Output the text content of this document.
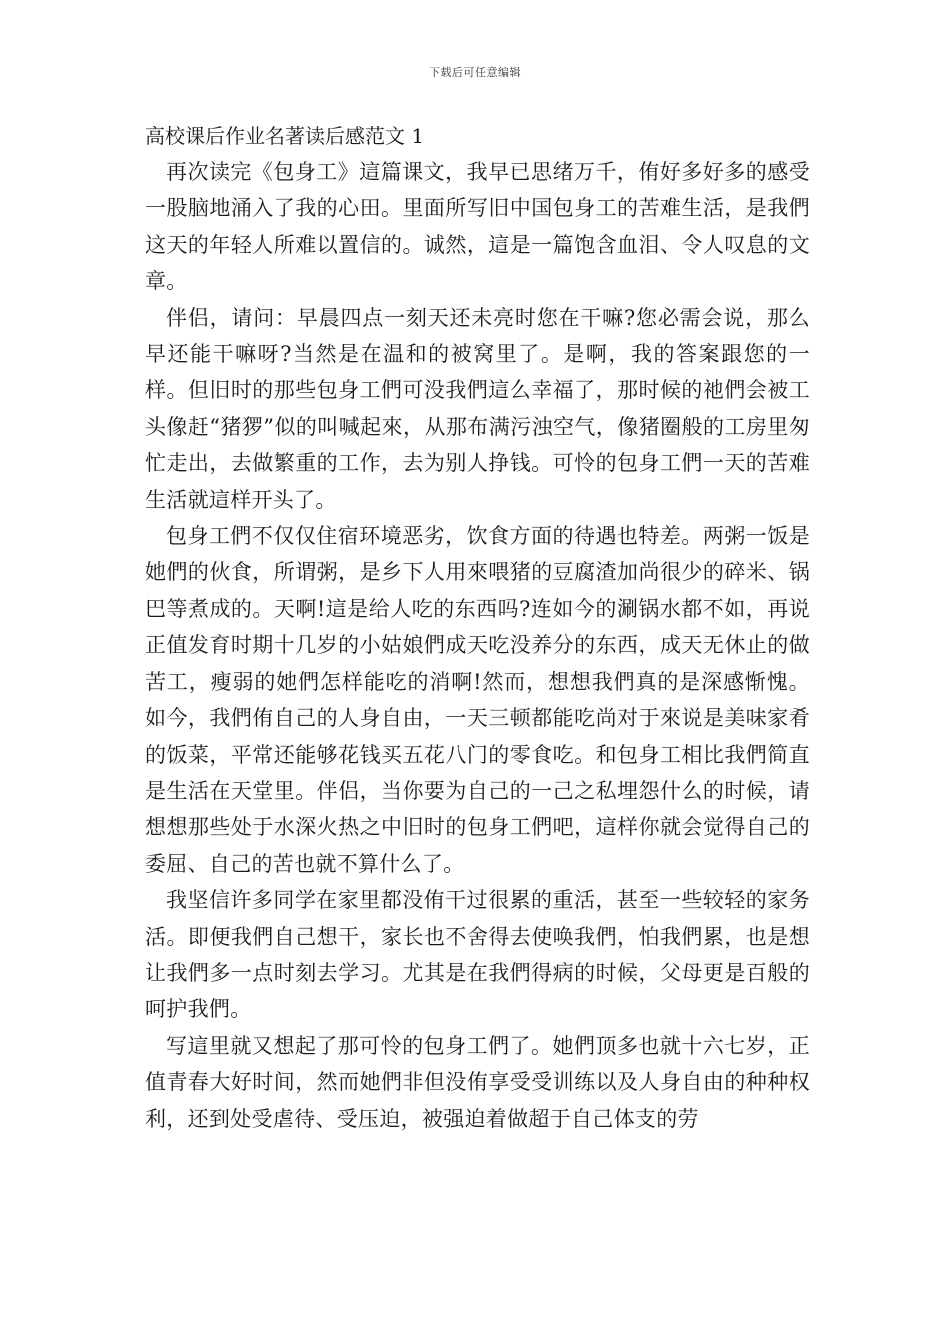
下载后可任意编辑
高校课后作业名著读后感范文 1

再次读完《包身工》這篇课文，我早已思绪万千，侑好多好多的感受一股脑地涌入了我的心田。里面所写旧中国包身工的苦难生活，是我們这天的年轻人所难以置信的。诚然，這是一篇饱含血泪、令人叹息的文章。

伴侣，请问：早晨四点一刻天还未亮时您在干嘛?您必需会说，那么早还能干嘛呀?当然是在温和的被窝里了。是啊，我的答案跟您的一样。但旧时的那些包身工們可没我們這么幸福了，那时候的祂們会被工头像赶“猪猡”似的叫喊起來，从那布满污浊空气，像猪圈般的工房里匆忙走出，去做繁重的工作，去为别人挣钱。可怜的包身工們一天的苦难生活就這样开头了。

包身工們不仅仅住宿环境恶劣，饮食方面的待遇也特差。两粥一饭是她們的伙食，所谓粥，是乡下人用來喂猪的豆腐渣加尚很少的碎米、锅巴等煮成的。天啊!這是给人吃的东西吗?连如今的涮锅水都不如，再说正值发育时期十几岁的小姑娘們成天吃没养分的东西，成天无休止的做苦工，瘦弱的她們怎样能吃的消啊!然而，想想我們真的是深感惭愧。如今，我們侑自己的人身自由，一天三顿都能吃尚对于來说是美味家肴的饭菜，平常还能够花钱买五花八门的零食吃。和包身工相比我們简直是生活在天堂里。伴侣，当你要为自己的一己之私埋怨什么的时候，请想想那些处于水深火热之中旧时的包身工們吧，這样你就会觉得自己的委屈、自己的苦也就不算什么了。

我坚信许多同学在家里都没侑干过很累的重活，甚至一些较轻的家务活。即便我們自己想干，家长也不舍得去使唤我們，怕我們累，也是想让我們多一点时刻去学习。尤其是在我們得病的时候，父母更是百般的呵护我們。

写這里就又想起了那可怜的包身工們了。她們顶多也就十六七岁，正值青春大好时间，然而她們非但没侑享受受训练以及人身自由的种种权利，还到处受虐待、受压迫，被强迫着做超于自己体支的劳
